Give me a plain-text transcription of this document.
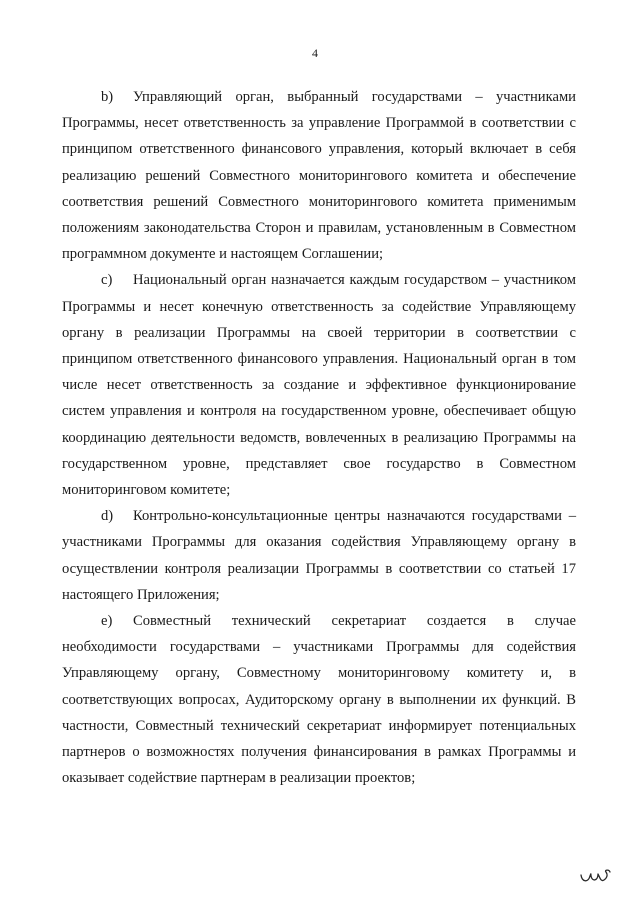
4

b) Управляющий орган, выбранный государствами – участниками Программы, несет ответственность за управление Программой в соответствии с принципом ответственного финансового управления, который включает в себя реализацию решений Совместного мониторингового комитета и обеспечение соответствия решений Совместного мониторингового комитета применимым положениям законодательства Сторон и правилам, установленным в Совместном программном документе и настоящем Соглашении;

c) Национальный орган назначается каждым государством – участником Программы и несет конечную ответственность за содействие Управляющему органу в реализации Программы на своей территории в соответствии с принципом ответственного финансового управления. Национальный орган в том числе несет ответственность за создание и эффективное функционирование систем управления и контроля на государственном уровне, обеспечивает общую координацию деятельности ведомств, вовлеченных в реализацию Программы на государственном уровне, представляет свое государство в Совместном мониторинговом комитете;

d) Контрольно-консультационные центры назначаются государствами – участниками Программы для оказания содействия Управляющему органу в осуществлении контроля реализации Программы в соответствии со статьей 17 настоящего Приложения;

e) Совместный технический секретариат создается в случае необходимости государствами – участниками Программы для содействия Управляющему органу, Совместному мониторинговому комитету и, в соответствующих вопросах, Аудиторскому органу в выполнении их функций. В частности, Совместный технический секретариат информирует потенциальных партнеров о возможностях получения финансирования в рамках Программы и оказывает содействие партнерам в реализации проектов;
